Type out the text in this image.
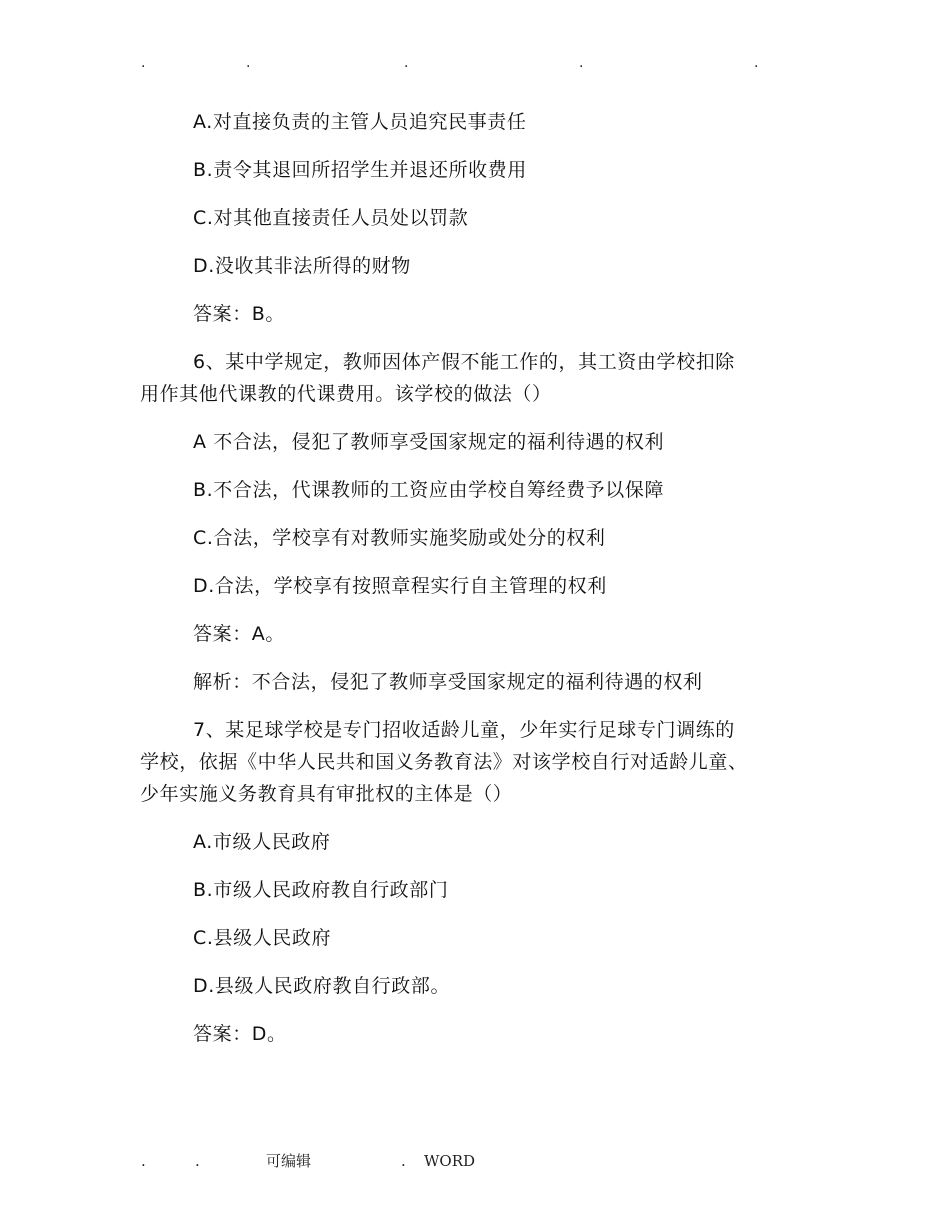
.	.	.	.	.
A.对直接负责的主管人员追究民事责任
B.责令其退回所招学生并退还所收费用
C.对其他直接责任人员处以罚款
D.没收其非法所得的财物
答案：B。
6、某中学规定，教师因体产假不能工作的，其工资由学校扣除
用作其他代课教的代课费用。该学校的做法（）
A 不合法，侵犯了教师享受国家规定的福利待遇的权利
B.不合法，代课教师的工资应由学校自筹经费予以保障
C.合法，学校享有对教师实施奖励或处分的权利
D.合法，学校享有按照章程实行自主管理的权利
答案：A。
解析：不合法，侵犯了教师享受国家规定的福利待遇的权利
7、某足球学校是专门招收适龄儿童，少年实行足球专门调练的
学校，依据《中华人民共和国义务教育法》对该学校自行对适龄儿童、
少年实施义务教育具有审批权的主体是（）
A.市级人民政府
B.市级人民政府教自行政部门
C.县级人民政府
D.县级人民政府教自行政部。
答案：D。
.	.	可编辑	. WORD
